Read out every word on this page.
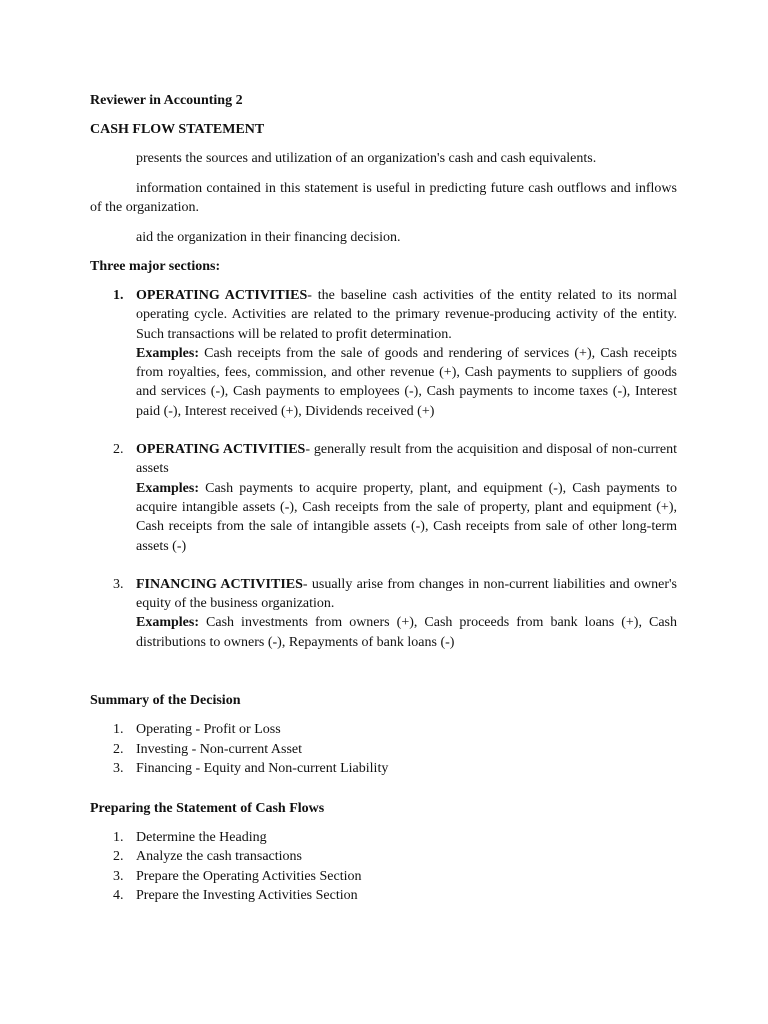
Reviewer in Accounting 2
CASH FLOW STATEMENT

presents the sources and utilization of an organization's cash and cash equivalents.

information contained in this statement is useful in predicting future cash outflows and inflows of the organization.

aid the organization in their financing decision.

Three major sections:
1. OPERATING ACTIVITIES- the baseline cash activities of the entity related to its normal operating cycle. Activities are related to the primary revenue-producing activity of the entity. Such transactions will be related to profit determination.
Examples: Cash receipts from the sale of goods and rendering of services (+), Cash receipts from royalties, fees, commission, and other revenue (+), Cash payments to suppliers of goods and services (-), Cash payments to employees (-), Cash payments to income taxes (-), Interest paid (-), Interest received (+), Dividends received (+)
2. OPERATING ACTIVITIES- generally result from the acquisition and disposal of non-current assets
Examples: Cash payments to acquire property, plant, and equipment (-), Cash payments to acquire intangible assets (-), Cash receipts from the sale of property, plant and equipment (+), Cash receipts from the sale of intangible assets (-), Cash receipts from sale of other long-term assets (-)
3. FINANCING ACTIVITIES- usually arise from changes in non-current liabilities and owner's equity of the business organization.
Examples: Cash investments from owners (+), Cash proceeds from bank loans (+), Cash distributions to owners (-), Repayments of bank loans (-)
Summary of the Decision
1. Operating - Profit or Loss
2. Investing - Non-current Asset
3. Financing - Equity and Non-current Liability
Preparing the Statement of Cash Flows
1. Determine the Heading
2. Analyze the cash transactions
3. Prepare the Operating Activities Section
4. Prepare the Investing Activities Section
